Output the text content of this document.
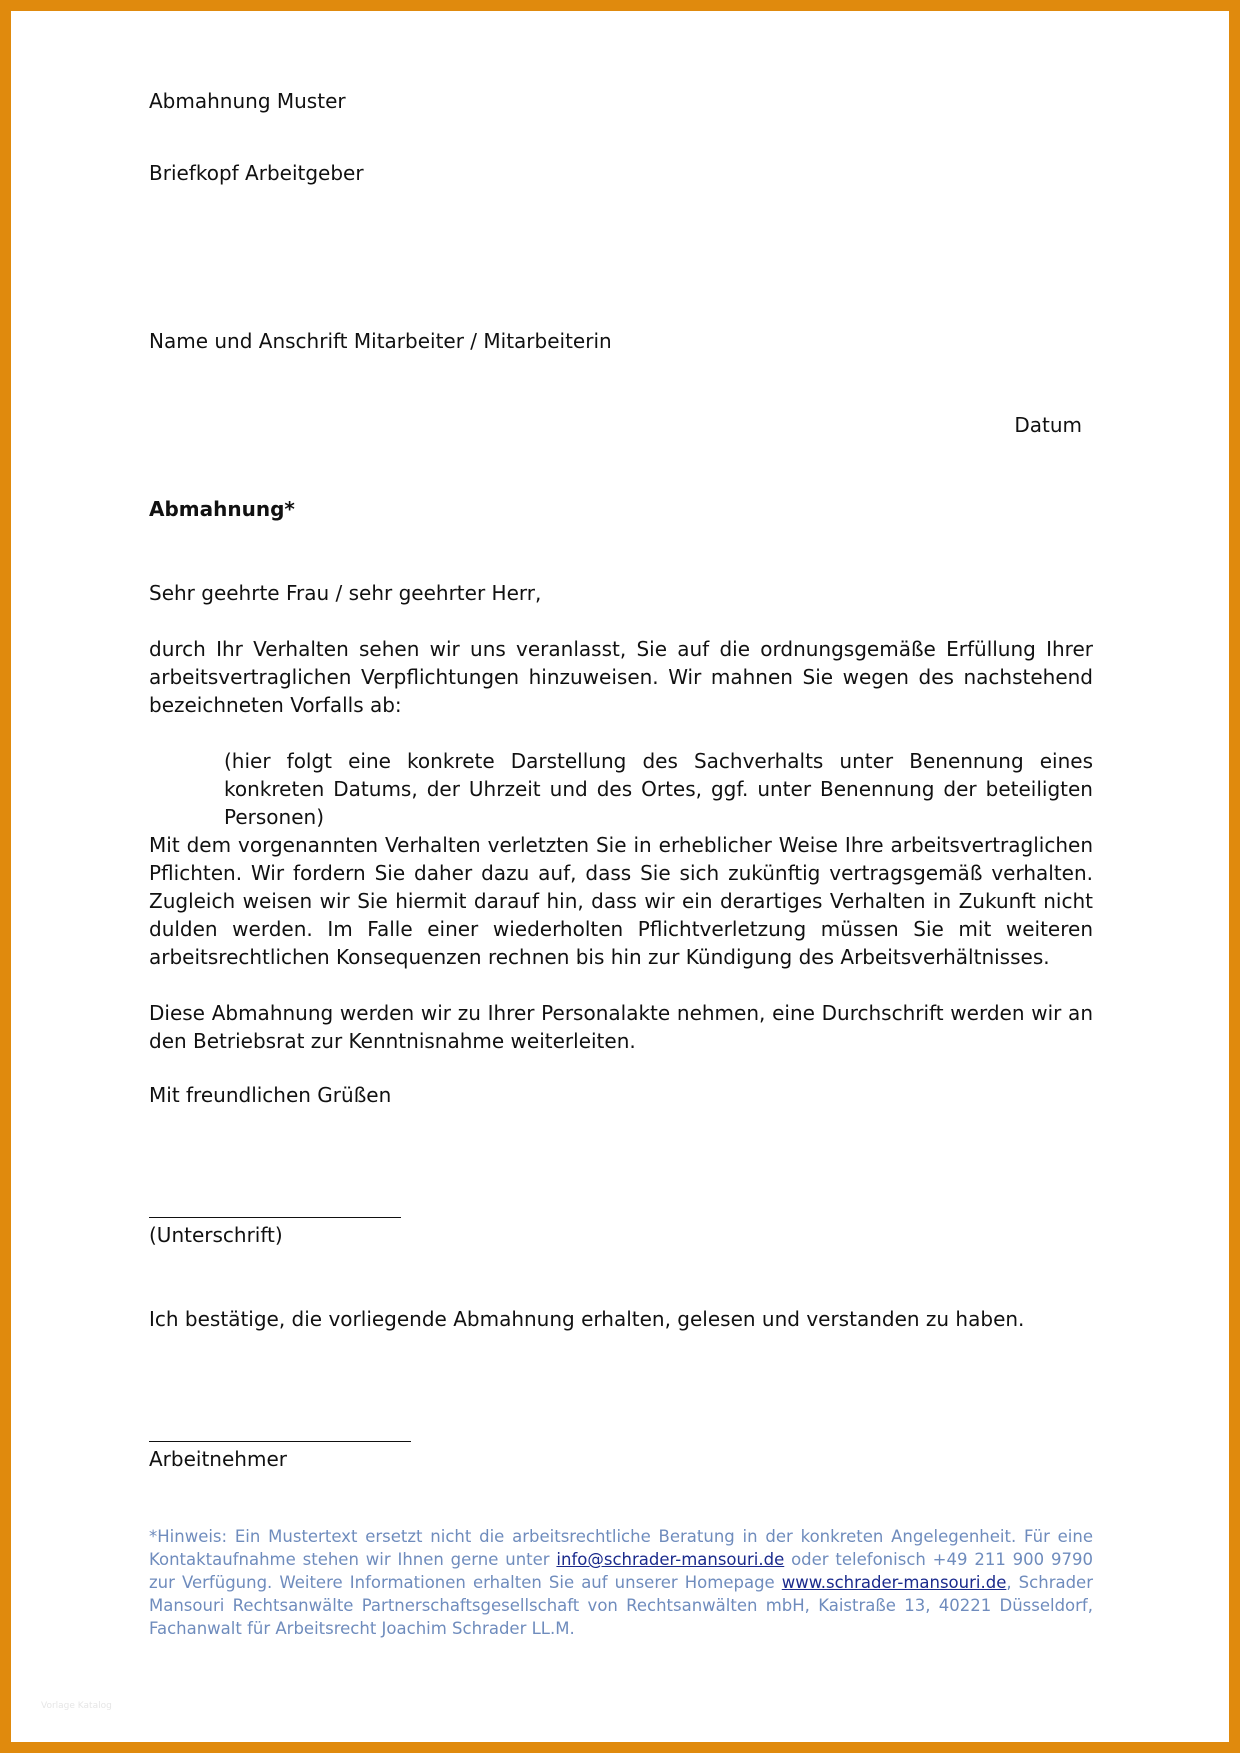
Abmahnung Muster

Briefkopf Arbeitgeber

Name und Anschrift Mitarbeiter / Mitarbeiterin

Datum

Abmahnung*

Sehr geehrte Frau / sehr geehrter Herr,

durch Ihr Verhalten sehen wir uns veranlasst, Sie auf die ordnungsgemäße Erfüllung Ihrer arbeitsvertraglichen Verpflichtungen hinzuweisen. Wir mahnen Sie wegen des nachstehend bezeichneten Vorfalls ab:

(hier folgt eine konkrete Darstellung des Sachverhalts unter Benennung eines konkreten Datums, der Uhrzeit und des Ortes, ggf. unter Benennung der beteiligten Personen)

Mit dem vorgenannten Verhalten verletzten Sie in erheblicher Weise Ihre arbeitsvertraglichen Pflichten. Wir fordern Sie daher dazu auf, dass Sie sich zukünftig vertragsgemäß verhalten. Zugleich weisen wir Sie hiermit darauf hin, dass wir ein derartiges Verhalten in Zukunft nicht dulden werden. Im Falle einer wiederholten Pflichtverletzung müssen Sie mit weiteren arbeitsrechtlichen Konsequenzen rechnen bis hin zur Kündigung des Arbeitsverhältnisses.

Diese Abmahnung werden wir zu Ihrer Personalakte nehmen, eine Durchschrift werden wir an den Betriebsrat zur Kenntnisnahme weiterleiten.

Mit freundlichen Grüßen

(Unterschrift)

Ich bestätige, die vorliegende Abmahnung erhalten, gelesen und verstanden zu haben.

Arbeitnehmer

*Hinweis: Ein Mustertext ersetzt nicht die arbeitsrechtliche Beratung in der konkreten Angelegenheit. Für eine Kontaktaufnahme stehen wir Ihnen gerne unter info@schrader-mansouri.de oder telefonisch +49 211 900 9790 zur Verfügung. Weitere Informationen erhalten Sie auf unserer Homepage www.schrader-mansouri.de, Schrader Mansouri Rechtsanwälte Partnerschaftsgesellschaft von Rechtsanwälten mbH, Kaistraße 13, 40221 Düsseldorf, Fachanwalt für Arbeitsrecht Joachim Schrader LL.M.

Vorlage Katalog
